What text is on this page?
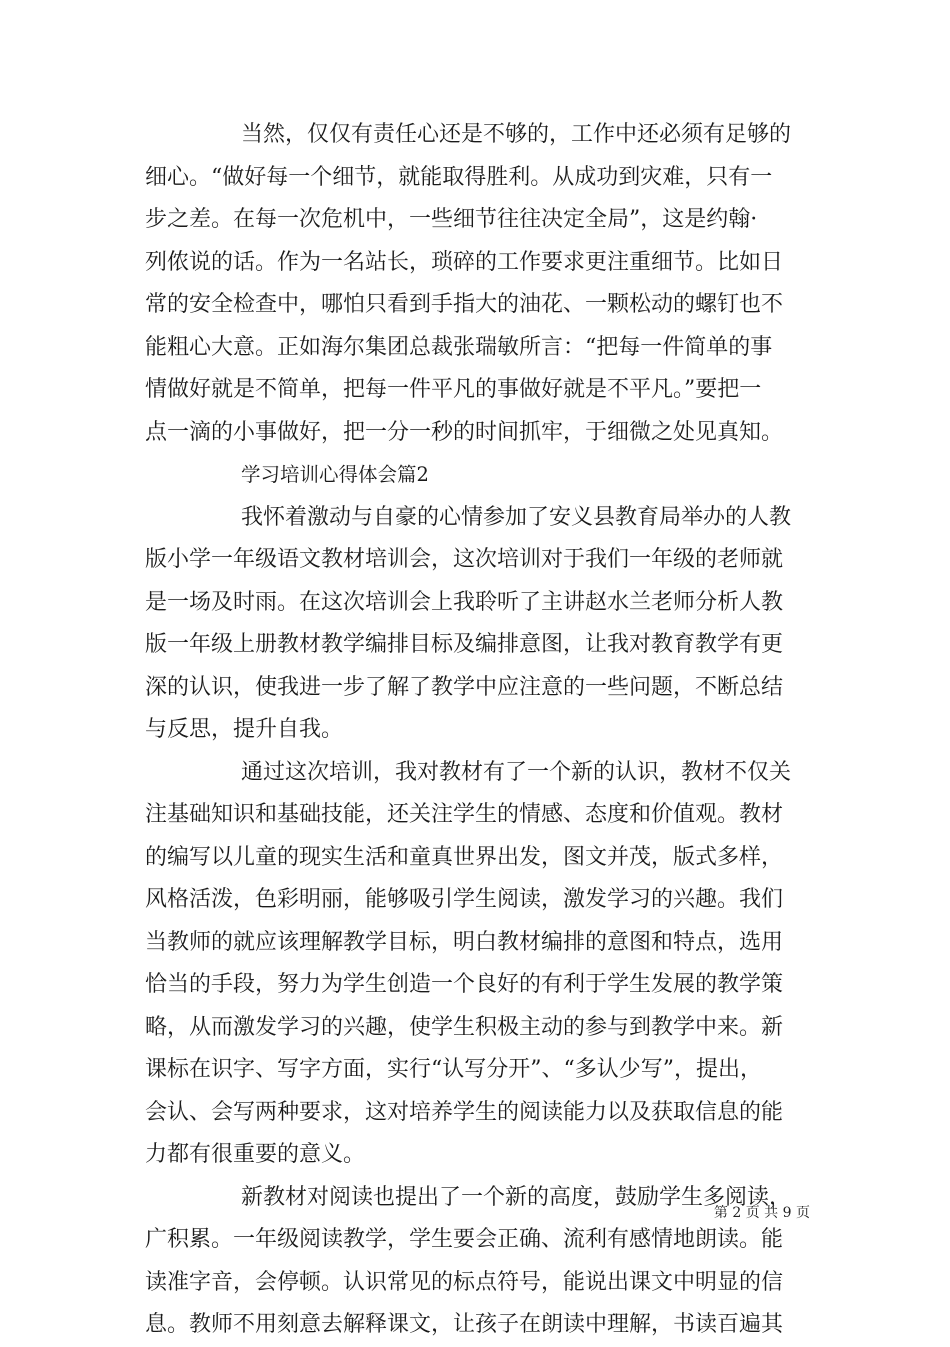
当然，仅仅有责任心还是不够的，工作中还必须有足够的
细心。“做好每一个细节，就能取得胜利。从成功到灾难，只有一
步之差。在每一次危机中，一些细节往往决定全局”，这是约翰·
列侬说的话。作为一名站长，琐碎的工作要求更注重细节。比如日
常的安全检查中，哪怕只看到手指大的油花、一颗松动的螺钉也不
能粗心大意。正如海尔集团总裁张瑞敏所言：“把每一件简单的事
情做好就是不简单，把每一件平凡的事做好就是不平凡。”要把一
点一滴的小事做好，把一分一秒的时间抓牢，于细微之处见真知。
学习培训心得体会篇2
我怀着激动与自豪的心情参加了安义县教育局举办的人教
版小学一年级语文教材培训会，这次培训对于我们一年级的老师就
是一场及时雨。在这次培训会上我聆听了主讲赵水兰老师分析人教
版一年级上册教材教学编排目标及编排意图，让我对教育教学有更
深的认识，使我进一步了解了教学中应注意的一些问题，不断总结
与反思，提升自我。
通过这次培训，我对教材有了一个新的认识，教材不仅关
注基础知识和基础技能，还关注学生的情感、态度和价值观。教材
的编写以儿童的现实生活和童真世界出发，图文并茂，版式多样，
风格活泼，色彩明丽，能够吸引学生阅读，激发学习的兴趣。我们
当教师的就应该理解教学目标，明白教材编排的意图和特点，选用
恰当的手段，努力为学生创造一个良好的有利于学生发展的教学策
略，从而激发学习的兴趣，使学生积极主动的参与到教学中来。新
课标在识字、写字方面，实行“认写分开”、“多认少写”，提出，
会认、会写两种要求，这对培养学生的阅读能力以及获取信息的能
力都有很重要的意义。
新教材对阅读也提出了一个新的高度，鼓励学生多阅读，
广积累。一年级阅读教学，学生要会正确、流利有感情地朗读。能
读准字音，会停顿。认识常见的标点符号，能说出课文中明显的信
息。教师不用刻意去解释课文，让孩子在朗读中理解，书读百遍其
第 2 页 共 9 页
